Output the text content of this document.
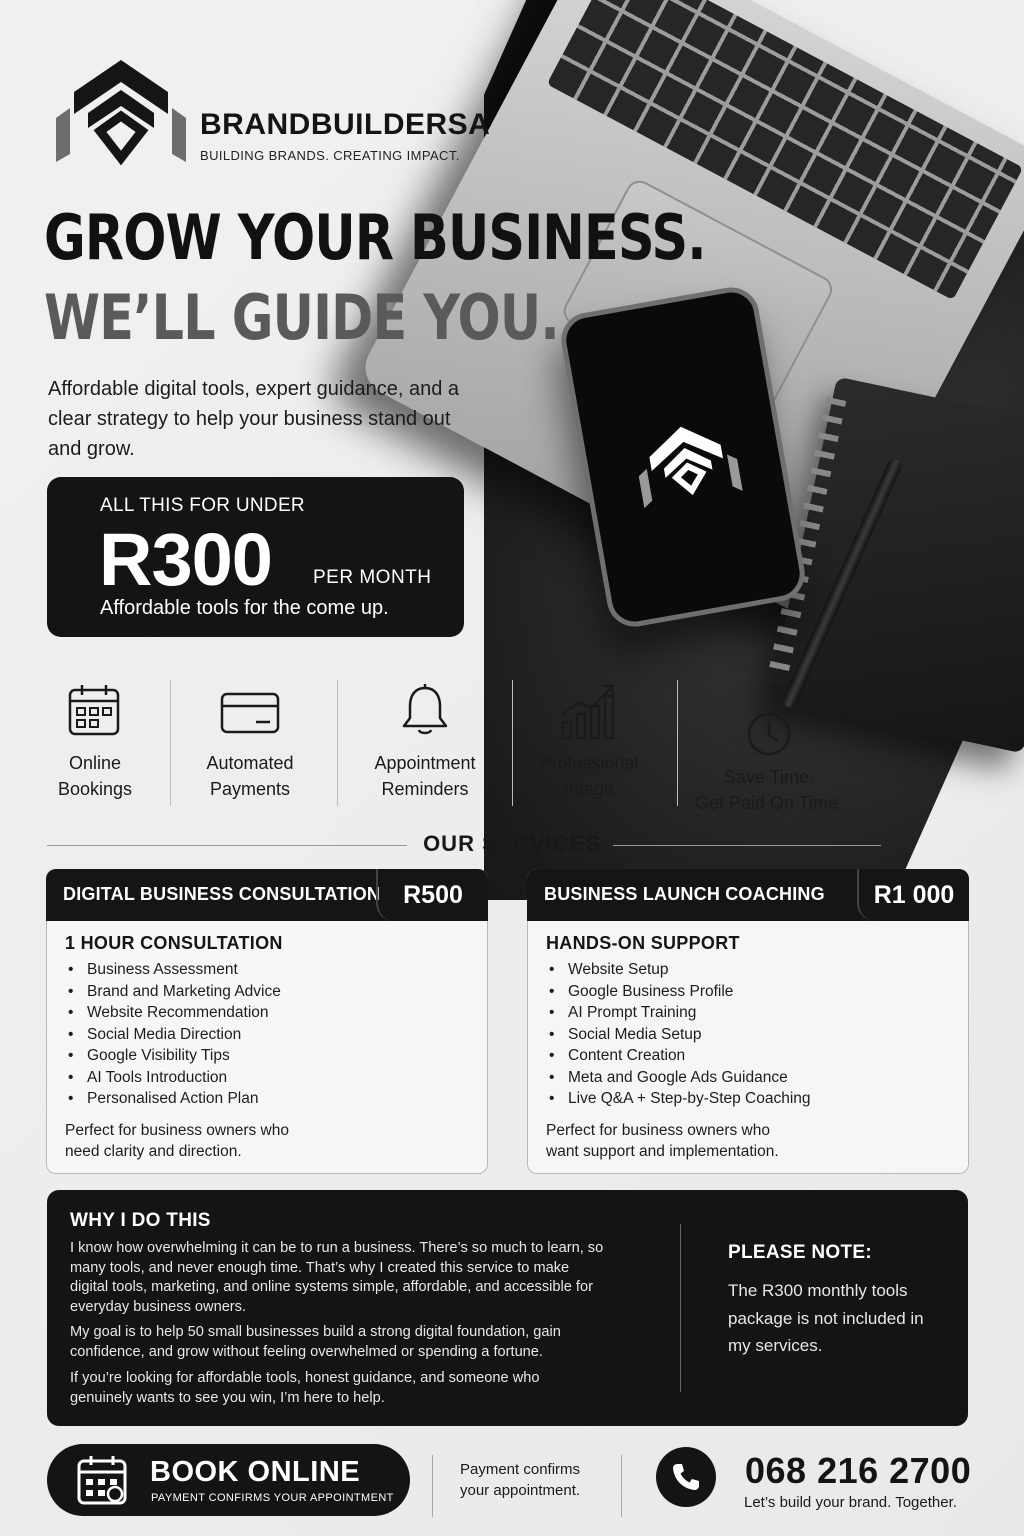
BRANDBUILDERSA
BUILDING BRANDS. CREATING IMPACT.
GROW YOUR BUSINESS.
WE’LL GUIDE YOU.

Affordable digital tools, expert guidance, and a clear strategy to help your business stand out and grow.

ALL THIS FOR UNDER
R300 PER MONTH
Affordable tools for the come up.
Online
Bookings
Automated
Payments
Appointment
Reminders
Professional
Image
Save Time.
Get Paid On Time.
OUR SERVICES
DIGITAL BUSINESS CONSULTATION R500
1 HOUR CONSULTATION
• Business Assessment
• Brand and Marketing Advice
• Website Recommendation
• Social Media Direction
• Google Visibility Tips
• AI Tools Introduction
• Personalised Action Plan

Perfect for business owners who need clarity and direction.

BUSINESS LAUNCH COACHING	R1 000
HANDS-ON SUPPORT
• Website Setup
• Google Business Profile
• AI Prompt Training
• Social Media Setup
• Content Creation
• Meta and Google Ads Guidance
• Live Q&A + Step-by-Step Coaching

Perfect for business owners who want support and implementation.

WHY I DO THIS

I know how overwhelming it can be to run a business. There’s so much to learn, so many tools, and never enough time. That’s why I created this service to make digital tools, marketing, and online systems simple, affordable, and accessible for everyday business owners.

My goal is to help 50 small businesses build a strong digital foundation, gain confidence, and grow without feeling overwhelmed or spending a fortune.

If you’re looking for affordable tools, honest guidance, and someone who genuinely wants to see you win, I’m here to help.

PLEASE NOTE:

The R300 monthly tools package is not included in my services.

BOOK ONLINE
PAYMENT CONFIRMS YOUR APPOINTMENT

Payment confirms your appointment.	068 216 2700
Let’s build your brand. Together.
